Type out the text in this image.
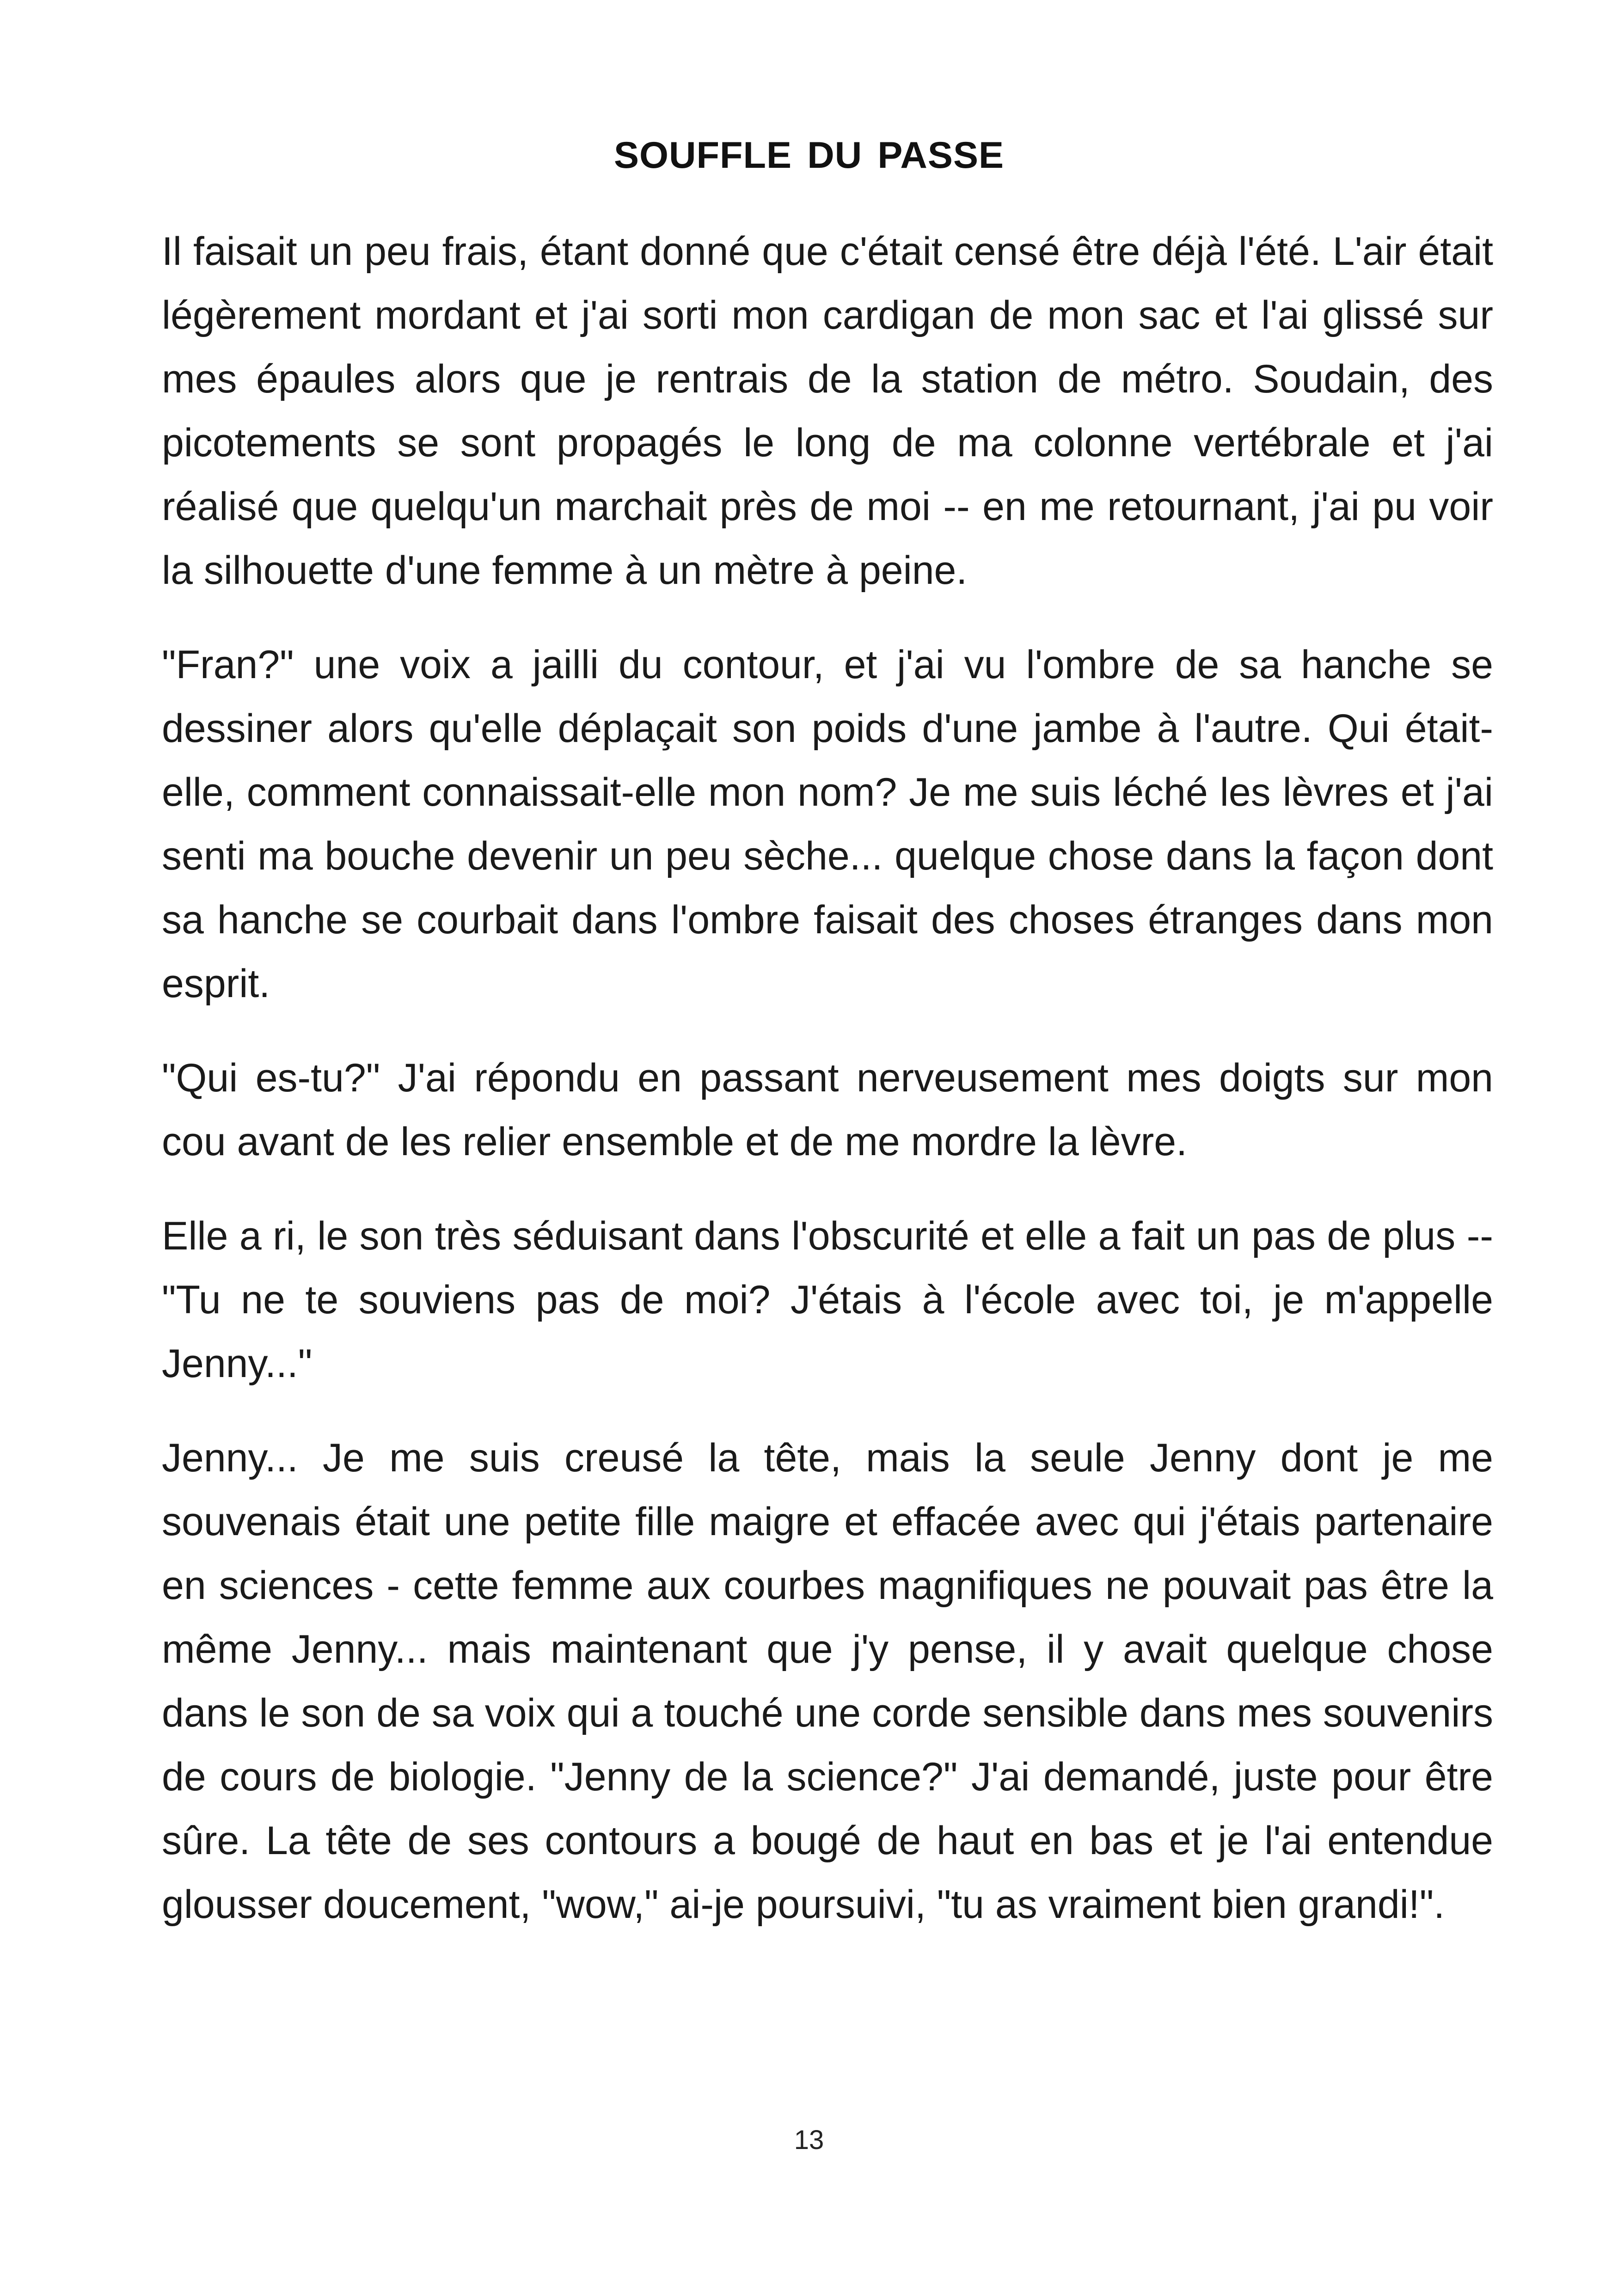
souffle du passe

Il faisait un peu frais, étant donné que c'était censé être déjà l'été. L'air était légèrement mordant et j'ai sorti mon cardigan de mon sac et l'ai glissé sur mes épaules alors que je rentrais de la station de métro. Soudain, des picotements se sont propagés le long de ma colonne vertébrale et j'ai réalisé que quelqu'un marchait près de moi -- en me retournant, j'ai pu voir la silhouette d'une femme à un mètre à peine.

"Fran?" une voix a jailli du contour, et j'ai vu l'ombre de sa hanche se dessiner alors qu'elle déplaçait son poids d'une jambe à l'autre. Qui était-elle, comment connaissait-elle mon nom? Je me suis léché les lèvres et j'ai senti ma bouche devenir un peu sèche... quelque chose dans la façon dont sa hanche se courbait dans l'ombre faisait des choses étranges dans mon esprit.

"Qui es-tu?" J'ai répondu en passant nerveusement mes doigts sur mon cou avant de les relier ensemble et de me mordre la lèvre.

Elle a ri, le son très séduisant dans l'obscurité et elle a fait un pas de plus -- "Tu ne te souviens pas de moi? J'étais à l'école avec toi, je m'appelle Jenny..."

Jenny... Je me suis creusé la tête, mais la seule Jenny dont je me souvenais était une petite fille maigre et effacée avec qui j'étais partenaire en sciences - cette femme aux courbes magnifiques ne pouvait pas être la même Jenny... mais maintenant que j'y pense, il y avait quelque chose dans le son de sa voix qui a touché une corde sensible dans mes souvenirs de cours de biologie. "Jenny de la science?" J'ai demandé, juste pour être sûre. La tête de ses contours a bougé de haut en bas et je l'ai entendue glousser doucement, "wow," ai-je poursuivi, "tu as vraiment bien grandi!".

13
